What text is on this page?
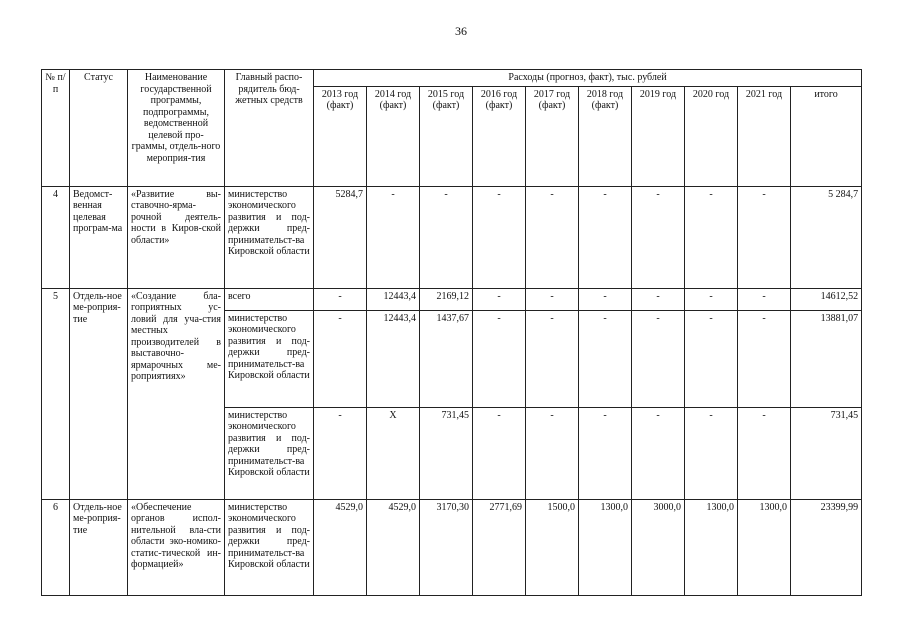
36
№ п/п	Статус	Наименование государственной программы, подпрограммы, ведомственной целевой про-граммы, отдель-ного мероприя-тия	Главный распо-рядитель бюд-жетных средств	Расходы (прогноз, факт), тыс. рублей									
				2013 год (факт)	2014 год (факт)	2015 год (факт)	2016 год (факт)	2017 год (факт)	2018 год (факт)	2019 год	2020 год	2021 год	итого
4	Ведомст-венная целевая програм-ма	«Развитие вы-ставочно-ярма-рочной деятель-ности в Киров-ской области»	министерство экономического развития и под-держки пред-принимательст-ва Кировской области	5284,7	-	-	-	-	-	-	-	-	5 284,7
5	Отдель-ное ме-роприя-тие	«Создание бла-гоприятных ус-ловий для уча-стия местных производителей в выставочно-ярмарочных ме-роприятиях»	всего	-	12443,4	2169,12	-	-	-	-	-	-	14612,52
			министерство экономического развития и под-держки пред-принимательст-ва Кировской области	-	12443,4	1437,67	-	-	-	-	-	-	13881,07
			министерство экономического развития и под-держки пред-принимательст-ва Кировской области	-	X	731,45	-	-	-	-	-	-	731,45
6	Отдель-ное ме-роприя-тие	«Обеспечение органов испол-нительной вла-сти области эко-номико-статис-тической ин-формацией»	министерство экономического развития и под-держки пред-принимательст-ва Кировской области	4529,0	4529,0	3170,30	2771,69	1500,0	1300,0	3000,0	1300,0	1300,0	23399,99
